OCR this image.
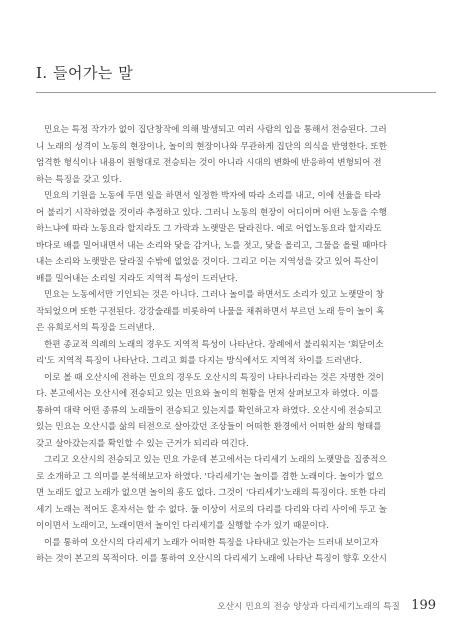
Ⅰ. 들어가는 말

민요는 특정 작가가 없이 집단창작에 의해 발생되고 여러 사람의 입을 통해서 전승된다. 그러
니 노래의 성격이 노동의 현장이나, 놀이의 현장이나와 무관하게 집단의 의식을 반영한다. 또한
엄격한 형식이나 내용이 원형대로 전승되는 것이 아니라 시대의 변화에 반응하여 변형되어 전
하는 특징을 갖고 있다.

민요의 기원을 노동에 두면 일을 하면서 일정한 박자에 따라 소리를 내고, 이에 선율을 타라
어 불리기 시작하였을 것이라 추정하고 있다. 그러니 노동의 현장이 어디이며 어떤 노동을 수행
하느냐에 따라 노동요라 할지라도 그 가락과 노랫말은 달라진다. 예로 어업노동요라 할지라도
바다로 배를 밀어내면서 내는 소리와 닻을 감거나, 노를 젓고, 닻을 올리고, 그물을 올릴 때마다
내는 소리와 노랫말은 달라질 수밖에 없었을 것이다. 그리고 이는 지역성을 갖고 있어 특산이
배를 밀어내는 소리일 지라도 지역적 특성이 드러난다.

민요는 노동에서만 기인되는 것은 아니다. 그러나 놀이를 하면서도 소리가 있고 노랫말이 창
작되었으며 또한 구전된다. 강강술래를 비롯하여 나물을 채취하면서 부르던 노래 등이 놀이 혹
은 유희로서의 특징을 드러낸다.

한편 종교적 의례의 노래의 경우도 지역적 특성이 나타난다. 장례에서 불리워지는 '회닫이소
리'도 지역적 특징이 나타난다. 그리고 회를 다지는 방식에서도 지역적 차이를 드러낸다.

이로 볼 때 오산시에 전하는 민요의 경우도 오산시의 특징이 나타나리라는 것은 자명한 것이
다. 본고에서는 오산시에 전승되고 있는 민요와 놀이의 현황을 먼저 살펴보고자 하였다. 이를
통하여 대략 어떤 종류의 노래들이 전승되고 있는지를 확인하고자 하였다. 오산시에 전승되고
있는 민요는 오산시를 삶의 터전으로 살아갔던 조상들이 어떠한 환경에서 어떠한 삶의 형태를
갖고 살아갔는지를 확인할 수 있는 근거가 되리라 여긴다.

그리고 오산시의 전승되고 있는 민요 가운데 본고에서는 다리세기 노래의 노랫말을 집중적으
로 소개하고 그 의미를 분석해보고자 하였다. '다리세기'는 놀이를 겸한 노래이다. 놀이가 없으
면 노래도 없고 노래가 없으면 놀이의 흥도 없다. 그것이 '다리세기'노래의 특징이다. 또한 다리
세기 노래는 적어도 혼자서는 할 수 없다. 둘 이상이 서로의 다리를 다리와 다리 사이에 두고 놀
이이면서 노래이고, 노래이면서 놀이인 다리세기를 실행할 수가 있기 때문이다.

이를 통하여 오산시의 다리세기 노래가 어떠한 특징을 나타내고 있는가는 드러내 보이고자
하는 것이 본고의 목적이다. 이를 통하여 오산시의 다리세기 노래에 나타난 특징이 향후 오산시

오산시 민요의 전승 양상과 다리세기노래의 특질 199
